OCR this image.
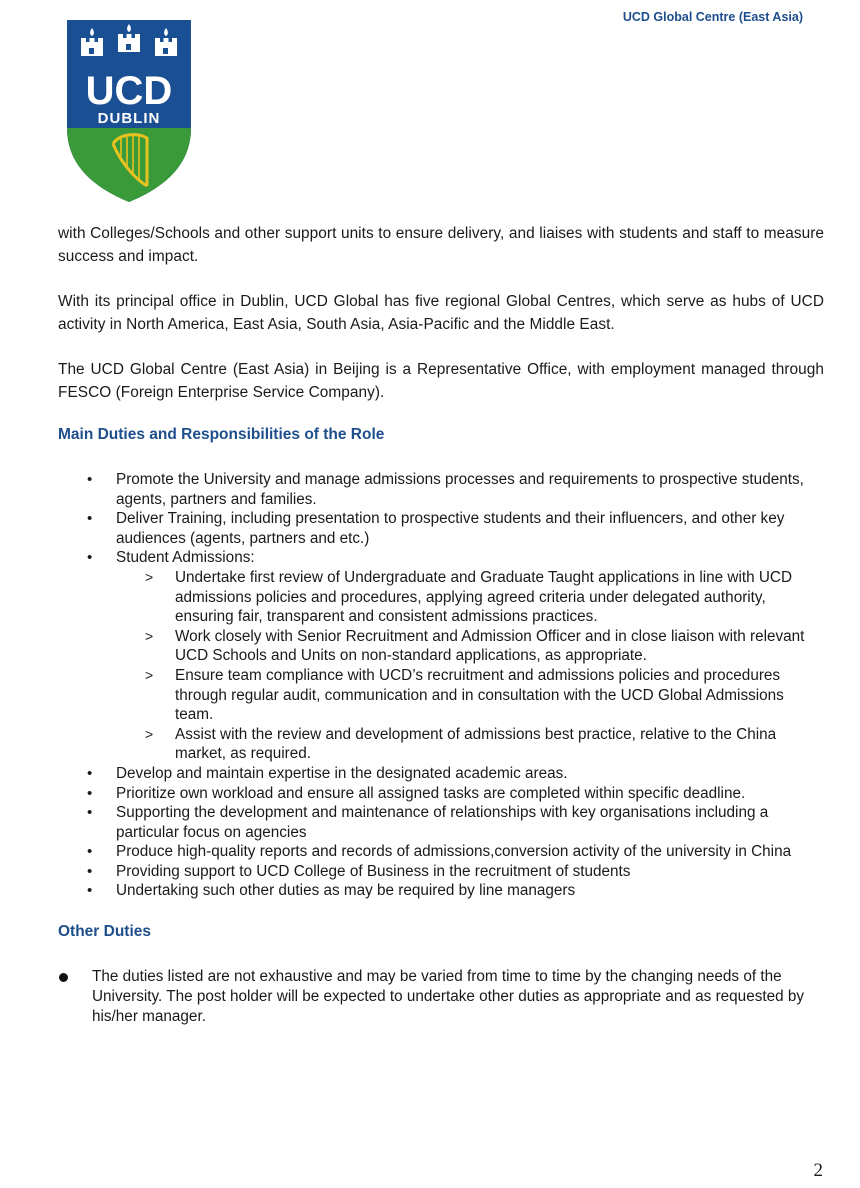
UCD Global Centre (East Asia)
UCD
DUBLIN

with Colleges/Schools and other support units to ensure delivery, and liaises with students and staff to measure success and impact.

With its principal office in Dublin, UCD Global has five regional Global Centres, which serve as hubs of UCD activity in North America, East Asia, South Asia, Asia-Pacific and the Middle East.

The UCD Global Centre (East Asia) in Beijing is a Representative Office, with employment managed through FESCO (Foreign Enterprise Service Company).

Main Duties and Responsibilities of the Role
• Promote the University and manage admissions processes and requirements to prospective students, agents, partners and families.
• Deliver Training, including presentation to prospective students and their influencers, and other key audiences (agents, partners and etc.)
• Student Admissions:
> Undertake first review of Undergraduate and Graduate Taught applications in line with UCD admissions policies and procedures, applying agreed criteria under delegated authority, ensuring fair, transparent and consistent admissions practices.
> Work closely with Senior Recruitment and Admission Officer and in close liaison with relevant UCD Schools and Units on non-standard applications, as appropriate.
> Ensure team compliance with UCD’s recruitment and admissions policies and procedures through regular audit, communication and in consultation with the UCD Global Admissions team.
> Assist with the review and development of admissions best practice, relative to the China market, as required.
• Develop and maintain expertise in the designated academic areas.
• Prioritize own workload and ensure all assigned tasks are completed within specific deadline.
• Supporting the development and maintenance of relationships with key organisations including a particular focus on agencies
• Produce high-quality reports and records of admissions,conversion activity of the university in China
• Providing support to UCD College of Business in the recruitment of students
• Undertaking such other duties as may be required by line managers
Other Duties
The duties listed are not exhaustive and may be varied from time to time by the changing needs of the University. The post holder will be expected to undertake other duties as appropriate and as requested by his/her manager.
2
